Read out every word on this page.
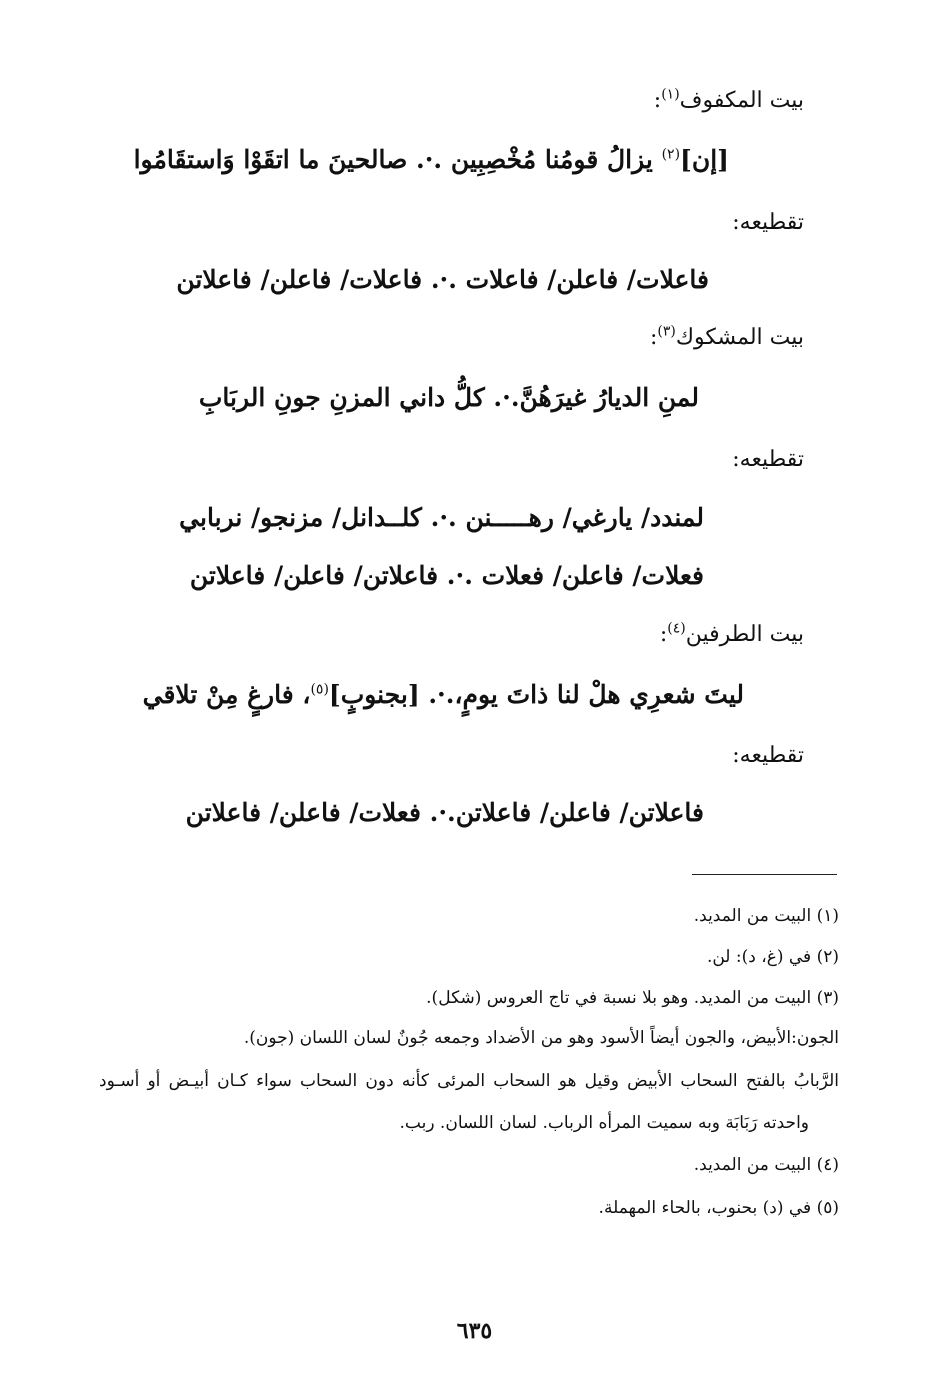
بيت المكفوف$^{(١)}$:
[إن]$^{(٢)}$ يزالُ قومُنا مُخْصِبِين .·. صالحينَ ما اتقَوْا وَاستقَامُوا
تقطيعه:
فاعلات/ فاعلن/ فاعلات .·. فاعلات/ فاعلن/ فاعلاتن
بيت المشكوك$^{(٣)}$:
لمنِ الديارُ غيرَهُنَّ.·. كلُّ داني المزنِ جونِ الربَابِ
تقطيعه:
لمندد/ يارغي/ رهـــــنن .·. كلــدانل/ مزنجو/ نربابي
فعلات/ فاعلن/ فعلات .·. فاعلاتن/ فاعلن/ فاعلاتن
بيت الطرفين$^{(٤)}$:
ليتَ شعرِي هلْ لنا ذاتَ يومٍ،.·. [بجنوبٍ]$^{(٥)}$، فارغٍ مِنْ تلاقي
تقطيعه:
فاعلاتن/ فاعلن/ فاعلاتن.·. فعلات/ فاعلن/ فاعلاتن
(١) البيت من المديد.
(٢) في (غ، د): لن.
(٣) البيت من المديد. وهو بلا نسبة في تاج العروس (شكل).
الجون:الأبيض، والجون أيضاً الأسود وهو من الأضداد وجمعه جُونٌ لسان اللسان (جون).
الرَّبابُ بالفتح السحاب الأبيض وقيل هو السحاب المرئى كأنه دون السحاب سواء كـان أبيـض أو أسـود
واحدته رَبَابَة وبه سميت المرأه الرباب. لسان اللسان. ربب.
(٤) البيت من المديد.
(٥) في (د) بحنوب، بالحاء المهملة.
٦٣٥
